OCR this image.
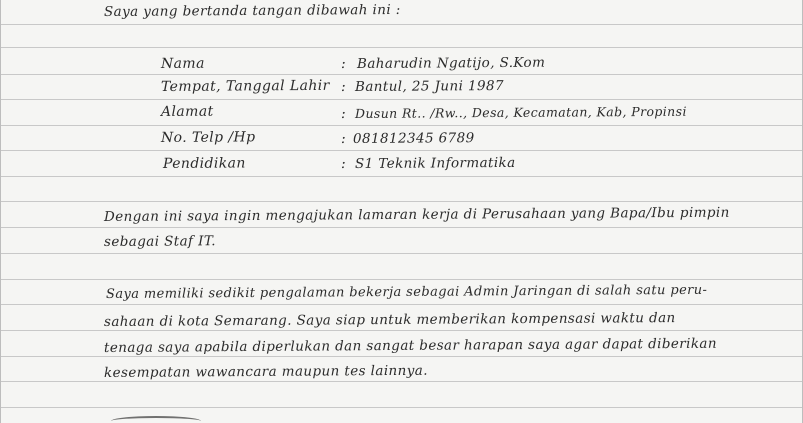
Saya yang bertanda tangan dibawah ini :
Nama	: Baharudin Ngatijo, S.Kom
Tempat, Tanggal Lahir : Bantul, 25 Juni 1987
Alamat	: Dusun Rt.. /Rw.., Desa, Kecamatan, Kab, Propinsi
No. Telp /Hp	: 081812345 6789
Pendidikan	: S1 Teknik Informatika
Dengan ini saya ingin mengajukan lamaran kerja di Perusahaan yang Bapa/Ibu pimpin
sebagai Staf IT.
Saya memiliki sedikit pengalaman bekerja sebagai Admin Jaringan di salah satu peru-
sahaan di kota Semarang. Saya siap untuk memberikan kompensasi waktu dan
tenaga saya apabila diperlukan dan sangat besar harapan saya agar dapat diberikan
kesempatan wawancara maupun tes lainnya.
